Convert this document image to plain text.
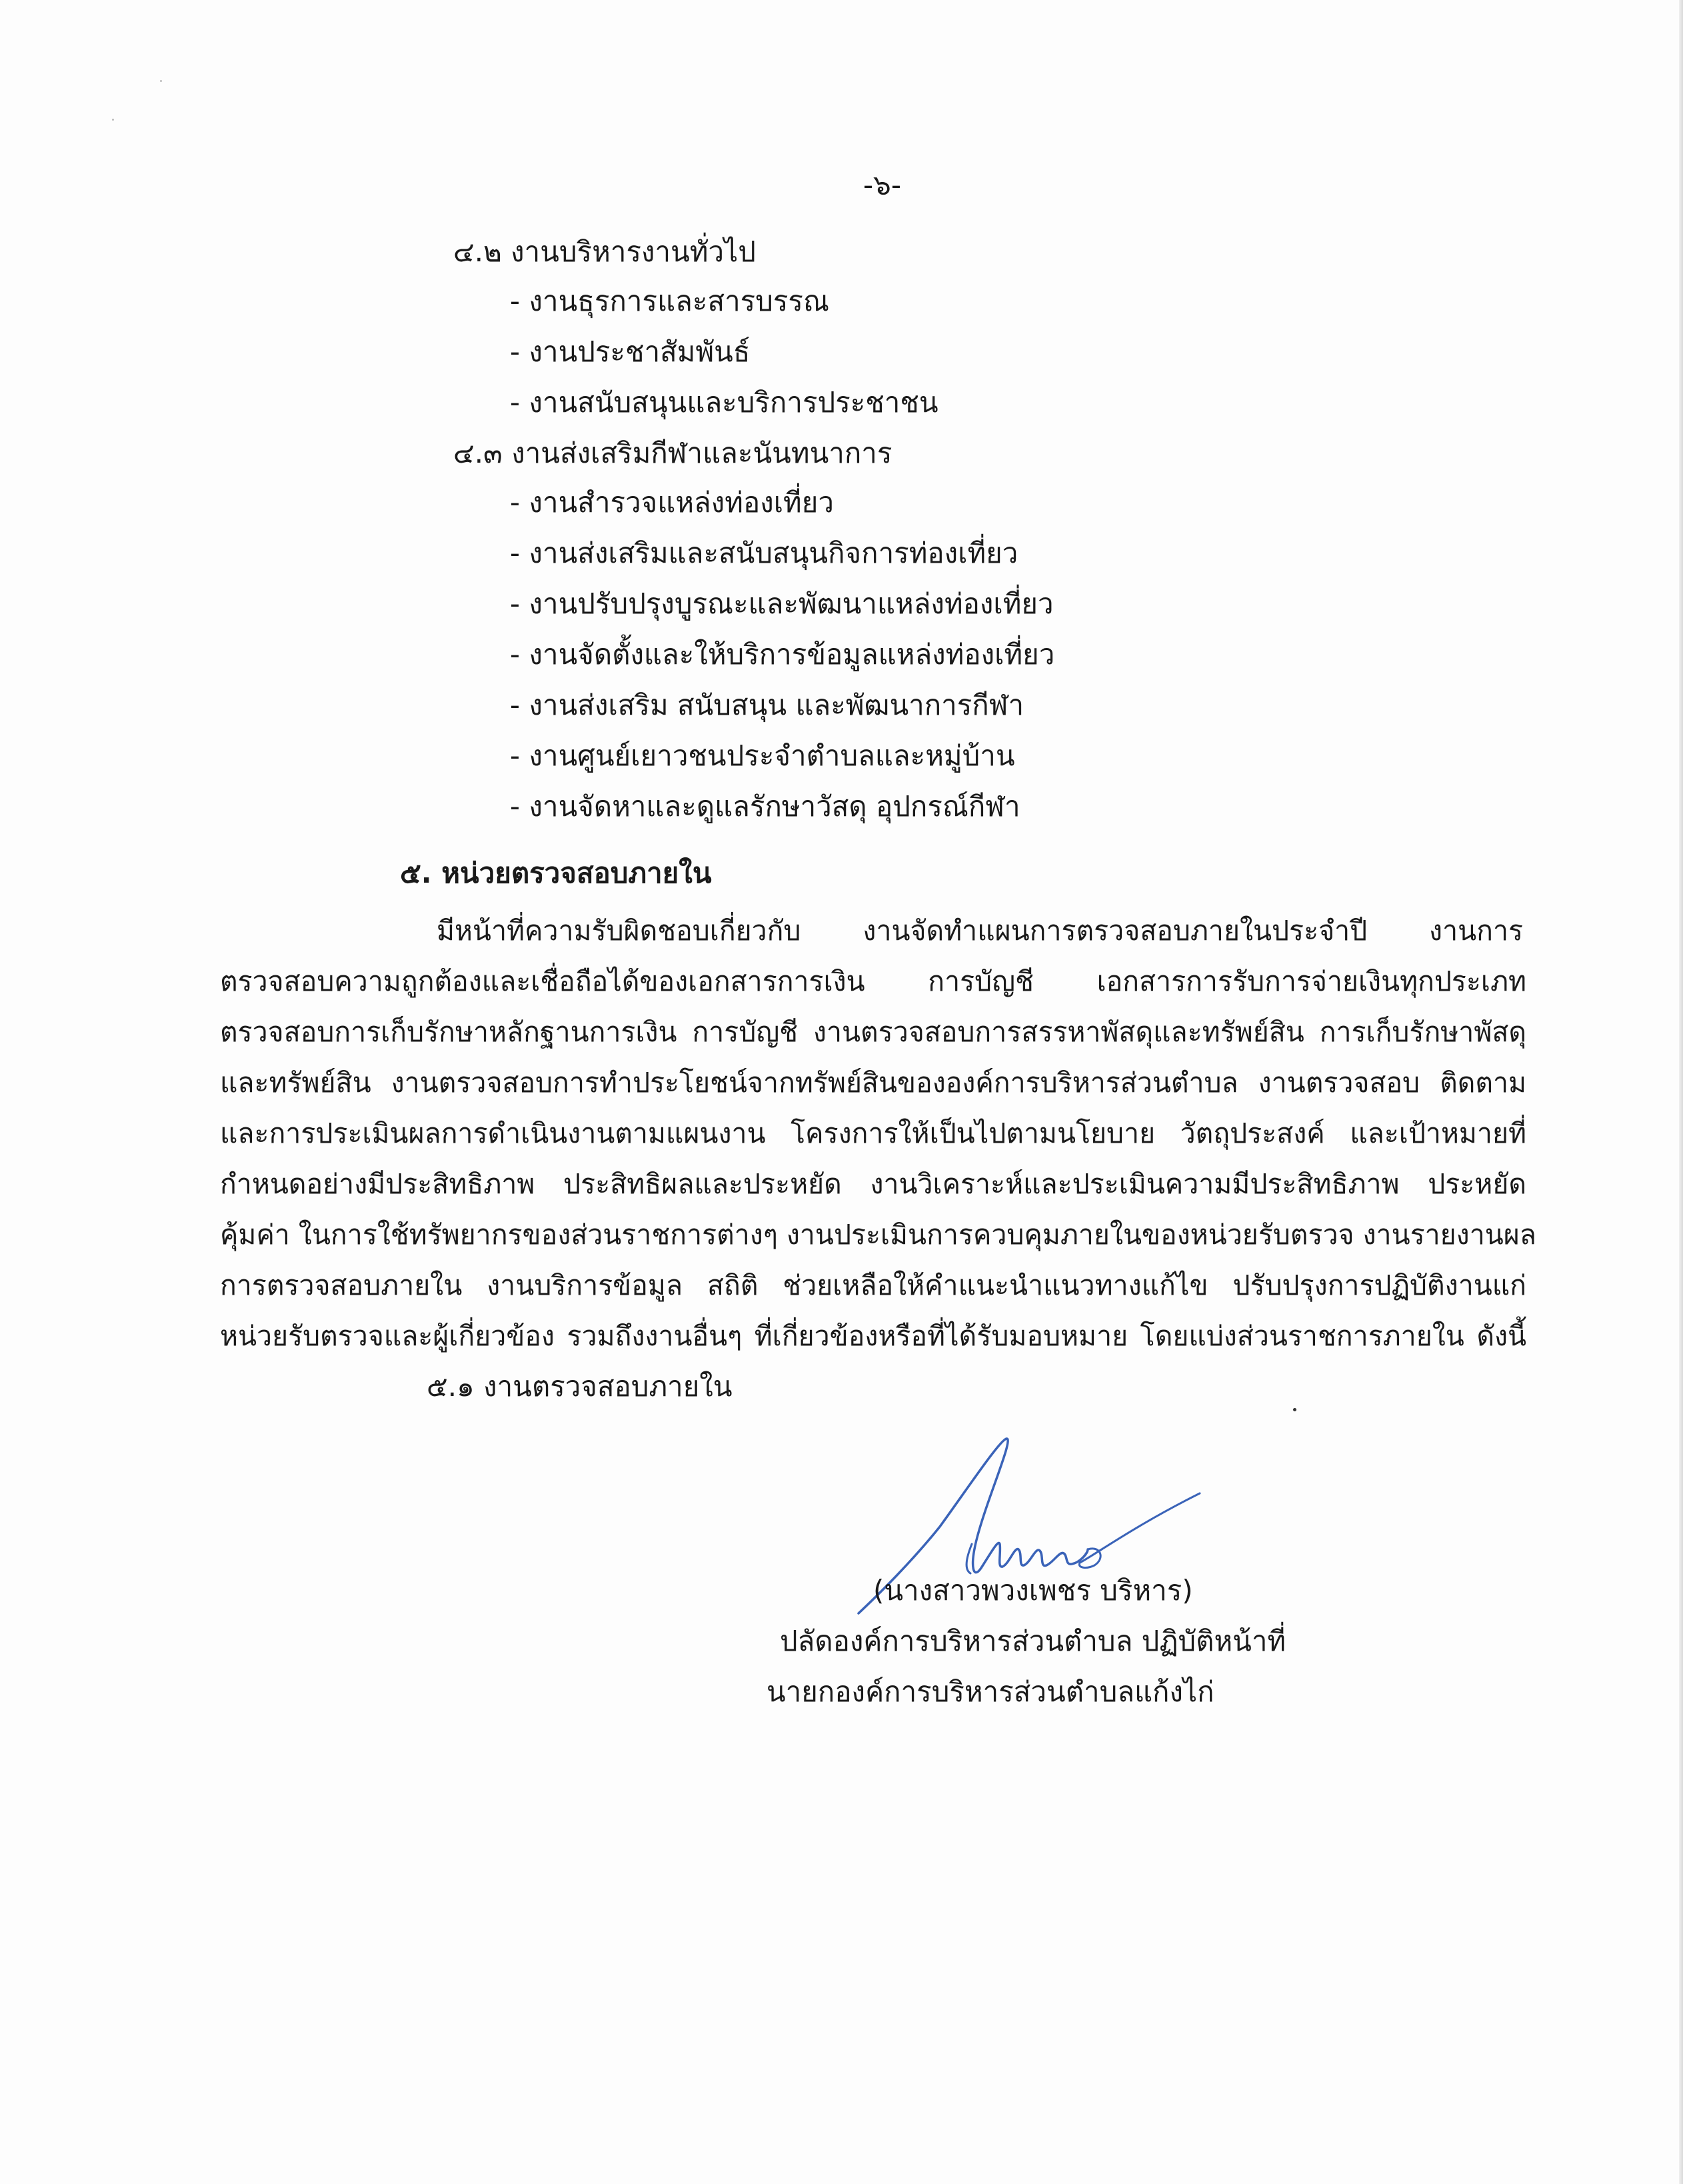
-๖-
๔.๒ งานบริหารงานทั่วไป
- งานธุรการและสารบรรณ
- งานประชาสัมพันธ์
- งานสนับสนุนและบริการประชาชน
๔.๓ งานส่งเสริมกีฬาและนันทนาการ
- งานสำรวจแหล่งท่องเที่ยว
- งานส่งเสริมและสนับสนุนกิจการท่องเที่ยว
- งานปรับปรุงบูรณะและพัฒนาแหล่งท่องเที่ยว
- งานจัดตั้งและให้บริการข้อมูลแหล่งท่องเที่ยว
- งานส่งเสริม สนับสนุน และพัฒนาการกีฬา
- งานศูนย์เยาวชนประจำตำบลและหมู่บ้าน
- งานจัดหาและดูแลรักษาวัสดุ อุปกรณ์กีฬา
๕. หน่วยตรวจสอบภายใน
มีหน้าที่ความรับผิดชอบเกี่ยวกับ งานจัดทำแผนการตรวจสอบภายในประจำปี งานการ
ตรวจสอบความถูกต้องและเชื่อถือได้ของเอกสารการเงิน การบัญชี เอกสารการรับการจ่ายเงินทุกประเภท
ตรวจสอบการเก็บรักษาหลักฐานการเงิน การบัญชี งานตรวจสอบการสรรหาพัสดุและทรัพย์สิน การเก็บรักษาพัสดุ
และทรัพย์สิน งานตรวจสอบการทำประโยชน์จากทรัพย์สินขององค์การบริหารส่วนตำบล งานตรวจสอบ ติดตาม
และการประเมินผลการดำเนินงานตามแผนงาน โครงการให้เป็นไปตามนโยบาย วัตถุประสงค์ และเป้าหมายที่
กำหนดอย่างมีประสิทธิภาพ ประสิทธิผลและประหยัด งานวิเคราะห์และประเมินความมีประสิทธิภาพ ประหยัด
คุ้มค่า ในการใช้ทรัพยากรของส่วนราชการต่างๆ งานประเมินการควบคุมภายในของหน่วยรับตรวจ งานรายงานผล
การตรวจสอบภายใน งานบริการข้อมูล สถิติ ช่วยเหลือให้คำแนะนำแนวทางแก้ไข ปรับปรุงการปฏิบัติงานแก่
หน่วยรับตรวจและผู้เกี่ยวข้อง รวมถึงงานอื่นๆ ที่เกี่ยวข้องหรือที่ได้รับมอบหมาย โดยแบ่งส่วนราชการภายใน ดังนี้
๕.๑ งานตรวจสอบภายใน
(นางสาวพวงเพชร บริหาร)
ปลัดองค์การบริหารส่วนตำบล ปฏิบัติหน้าที่
นายกองค์การบริหารส่วนตำบลแก้งไก่
